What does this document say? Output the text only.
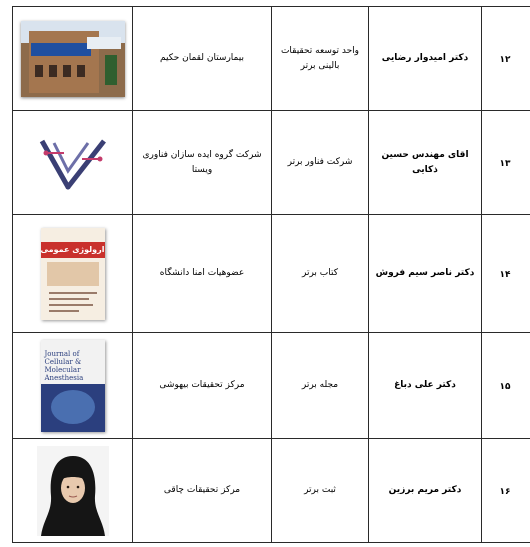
	بیمارستان لقمان حکیم	واحد توسعه تحقیقات بالینی برتر	دکتر امیدوار رضایی	۱۲

شرکت گروه ایده سازان فناوری ویستا	شرکت فناور برتر	اقای مهندس حسین ذکایی	۱۳

ارولوژی عمومی	عضوهیات امنا دانشگاه	کتاب برتر	دکتر ناصر سیم فروش	۱۴

Journal of Cellular & Molecular Anesthesia	مرکز تحقیقات بیهوشی	مجله برتر	دکتر علی دباغ	۱۵

مرکز تحقیقات چاقی	ثبت برتر	دکتر مریم برزین	۱۶
